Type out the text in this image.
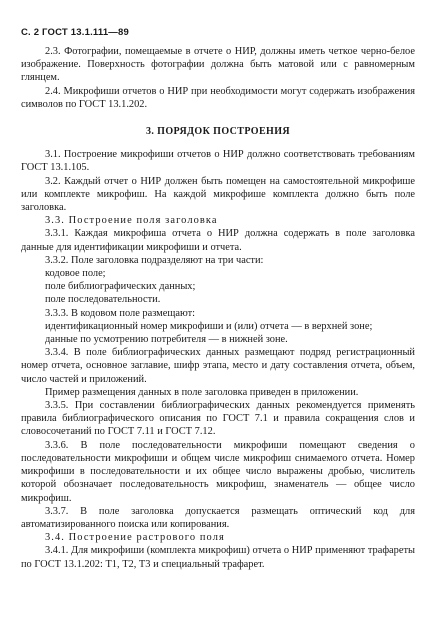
С. 2 ГОСТ 13.1.111—89

2.3. Фотографии, помещаемые в отчете о НИР, должны иметь четкое черно-белое изображение. Поверхность фотографии должна быть матовой или с равномерным глянцем.

2.4. Микрофиши отчетов о НИР при необходимости могут содержать изображения символов по ГОСТ 13.1.202.

3. ПОРЯДОК ПОСТРОЕНИЯ

3.1. Построение микрофиши отчетов о НИР должно соответствовать требованиям ГОСТ 13.1.105.

3.2. Каждый отчет о НИР должен быть помещен на самостоятельной микрофише или комплекте микрофиш. На каждой микрофише комплекта должно быть поле заголовка.

3.3. Построение поля заголовка

3.3.1. Каждая микрофиша отчета о НИР должна содержать в поле заголовка данные для идентификации микрофиши и отчета.

3.3.2. Поле заголовка подразделяют на три части:

кодовое поле;

поле библиографических данных;

поле последовательности.

3.3.3. В кодовом поле размещают:

идентификационный номер микрофиши и (или) отчета — в верхней зоне;

данные по усмотрению потребителя — в нижней зоне.

3.3.4. В поле библиографических данных размещают подряд регистрационный номер отчета, основное заглавие, шифр этапа, место и дату составления отчета, объем, число частей и приложений.

Пример размещения данных в поле заголовка приведен в приложении.

3.3.5. При составлении библиографических данных рекомендуется применять правила библиографического описания по ГОСТ 7.1 и правила сокращения слов и словосочетаний по ГОСТ 7.11 и ГОСТ 7.12.

3.3.6. В поле последовательности микрофиши помещают сведения о последовательности микрофиши и общем числе микрофиш снимаемого отчета. Номер микрофиши в последовательности и их общее число выражены дробью, числитель которой обозначает последовательность микрофиш, знаменатель — общее число микрофиш.

3.3.7. В поле заголовка допускается размещать оптический код для автоматизированного поиска или копирования.

3.4. Построение растрового поля

3.4.1. Для микрофиши (комплекта микрофиш) отчета о НИР применяют трафареты по ГОСТ 13.1.202: Т1, Т2, Т3 и специальный трафарет.
